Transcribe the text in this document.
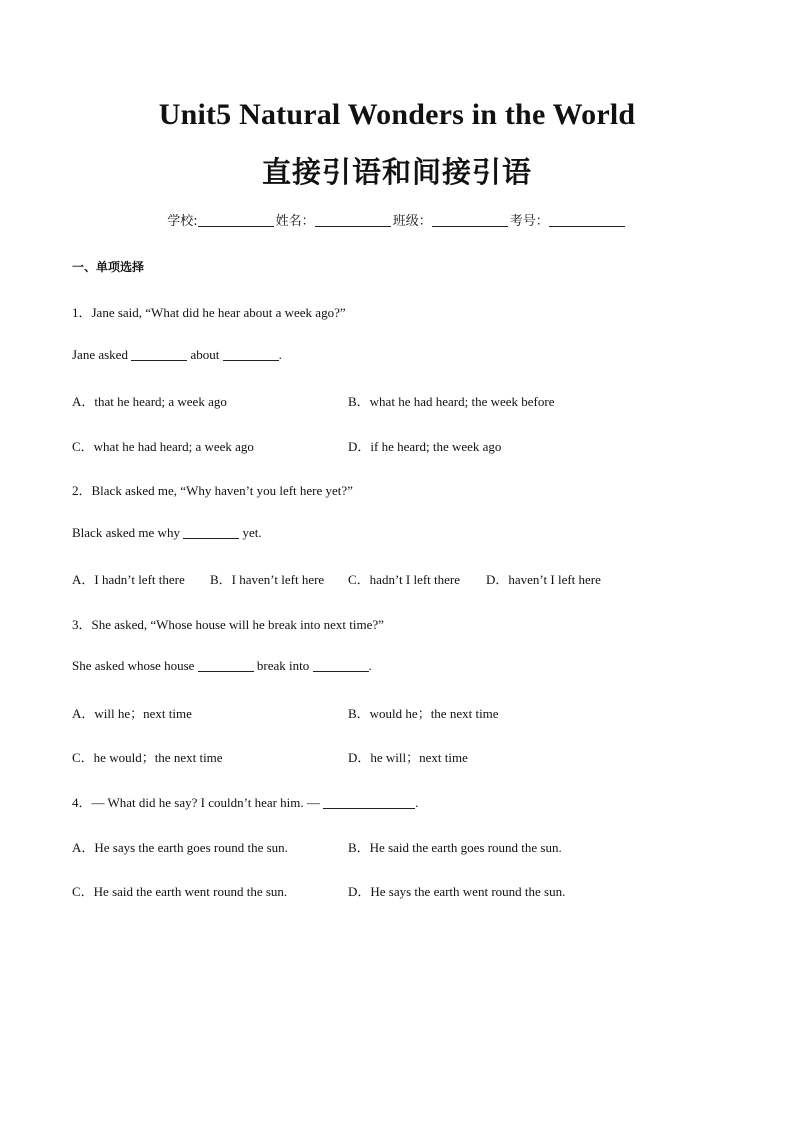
Unit5 Natural Wonders in the World
直接引语和间接引语
学校:	姓名：	班级：	考号：
一、单项选择
1．Jane said, “What did he hear about a week ago?”
Jane asked	about	.
A．that he heard; a week ago	B．what he had heard; the week before
C．what he had heard; a week ago	D．if he heard; the week ago
2．Black asked me, “Why haven’t you left here yet?”
Black asked me why	yet.
A．I hadn’t left there B．I haven’t left here C．hadn’t I left there D．haven’t I left here
3．She asked, “Whose house will he break into next time?”
She asked whose house	break into	.
A．will he；next time	B．would he；the next time
C．he would；the next time	D．he will；next time
4．— What did he say? I couldn’t hear him. —	.
A．He says the earth goes round the sun.	B．He said the earth goes round the sun.
C．He said the earth went round the sun.	D．He says the earth went round the sun.
